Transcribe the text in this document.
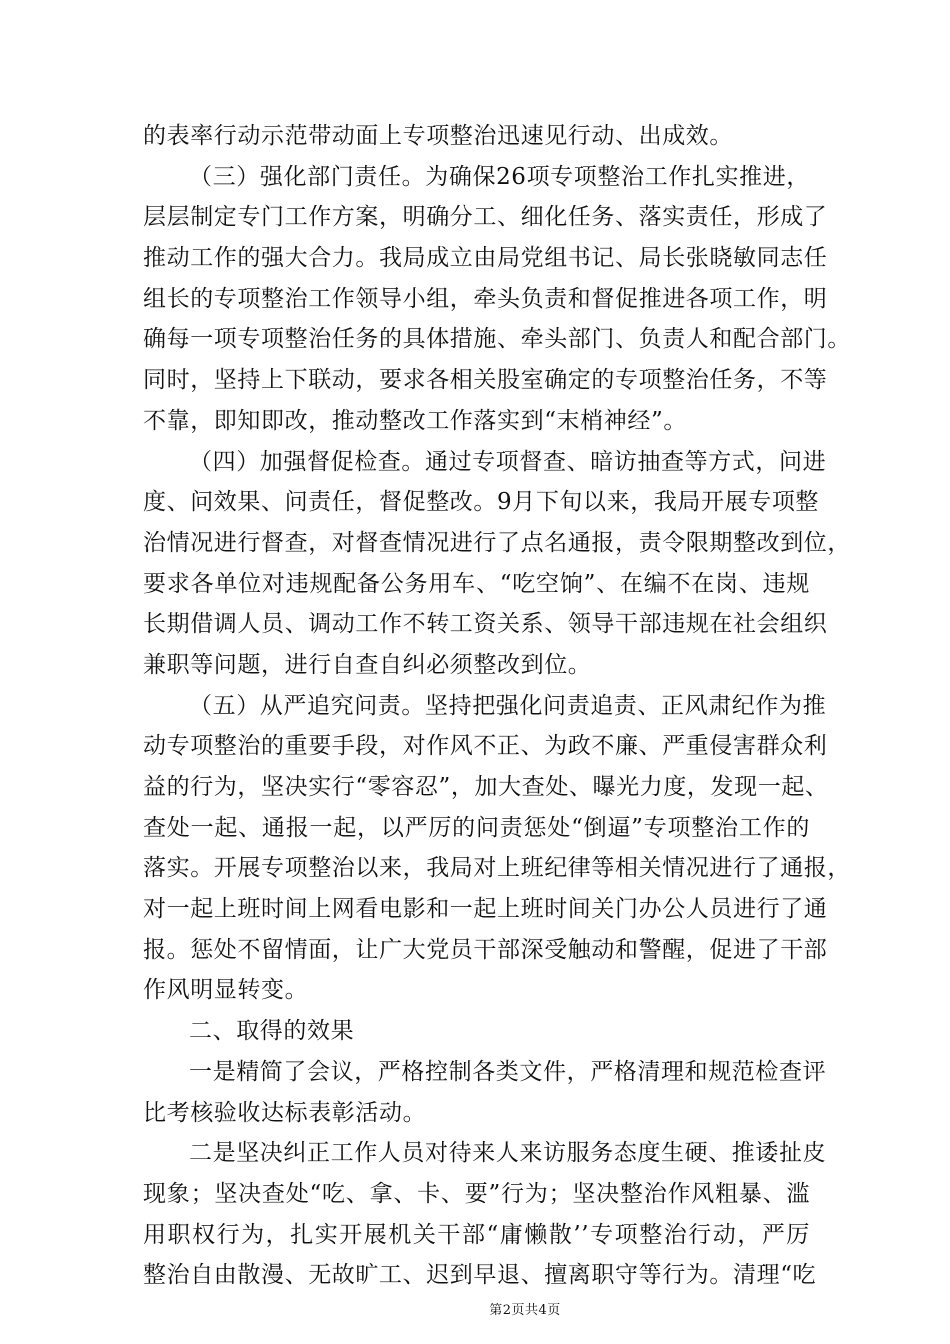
的表率行动示范带动面上专项整治迅速见行动、出成效。
（三）强化部门责任。为确保26项专项整治工作扎实推进，
层层制定专门工作方案，明确分工、细化任务、落实责任，形成了
推动工作的强大合力。我局成立由局党组书记、局长张晓敏同志任
组长的专项整治工作领导小组，牵头负责和督促推进各项工作，明
确每一项专项整治任务的具体措施、牵头部门、负责人和配合部门。
同时，坚持上下联动，要求各相关股室确定的专项整治任务，不等
不靠，即知即改，推动整改工作落实到“末梢神经”。
（四）加强督促检查。通过专项督查、暗访抽查等方式，问进
度、问效果、问责任，督促整改。9月下旬以来，我局开展专项整
治情况进行督查，对督查情况进行了点名通报，责令限期整改到位，
要求各单位对违规配备公务用车、“吃空饷”、在编不在岗、违规
长期借调人员、调动工作不转工资关系、领导干部违规在社会组织
兼职等问题，进行自查自纠必须整改到位。
（五）从严追究问责。坚持把强化问责追责、正风肃纪作为推
动专项整治的重要手段，对作风不正、为政不廉、严重侵害群众利
益的行为，坚决实行“零容忍”，加大查处、曝光力度，发现一起、
查处一起、通报一起，以严厉的问责惩处“倒逼”专项整治工作的
落实。开展专项整治以来，我局对上班纪律等相关情况进行了通报，
对一起上班时间上网看电影和一起上班时间关门办公人员进行了通
报。惩处不留情面，让广大党员干部深受触动和警醒，促进了干部
作风明显转变。
二、取得的效果
一是精简了会议，严格控制各类文件，严格清理和规范检查评
比考核验收达标表彰活动。
二是坚决纠正工作人员对待来人来访服务态度生硬、推诿扯皮
现象；坚决查处“吃、拿、卡、要”行为；坚决整治作风粗暴、滥
用职权行为，扎实开展机关干部“庸懒散’’专项整治行动，严厉
整治自由散漫、无故旷工、迟到早退、擅离职守等行为。清理“吃
第2页共4页
